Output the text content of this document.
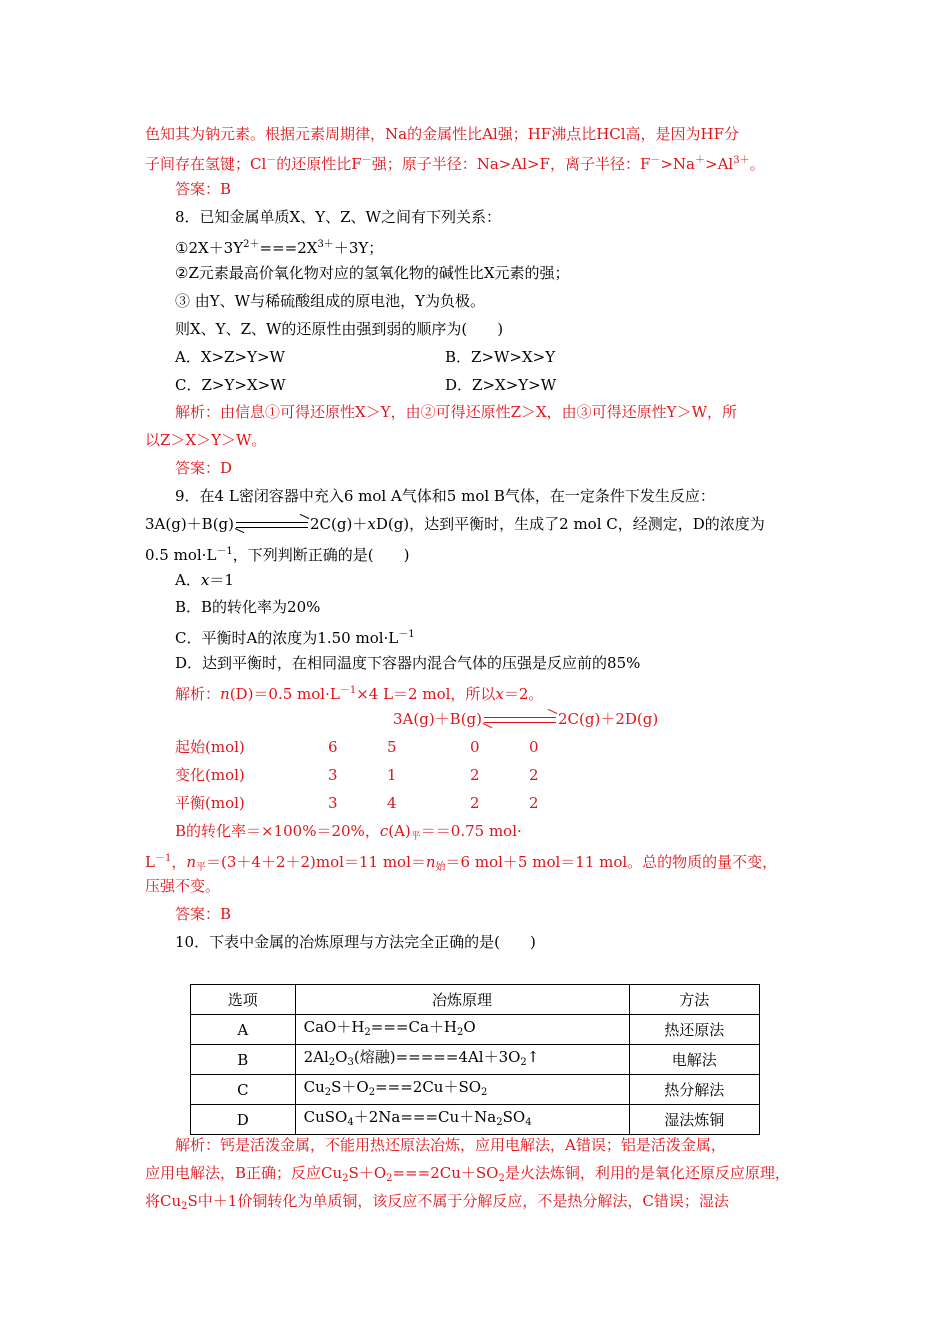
色知其为钠元素。根据元素周期律，Na的金属性比Al强；HF沸点比HCl高，是因为HF分
子间存在氢键；Cl－的还原性比F－强；原子半径：Na>Al>F，离子半径：$F^->Na^+>Al^{3+}$。
答案：B
8．已知金属单质X、Y、Z、W之间有下列关系：
$①2X+3Y^{2+}===2X^{3+}+3Y$；
②Z元素最高价氧化物对应的氢氧化物的碱性比X元素的强；
③ 由Y、W与稀硫酸组成的原电池，Y为负极。
则X、Y、Z、W的还原性由强到弱的顺序为(　　)
A．X>Z>Y>W	B．Z>W>X>Y
C．Z>Y>X>W	D．Z>X>Y>W
解析：由信息①可得还原性X＞Y，由②可得还原性Z＞X，由③可得还原性Y＞W，所
以Z＞X＞Y＞W。
答案：D
9．在4 L密闭容器中充入6 mol A气体和5 mol B气体，在一定条件下发生反应：
3A(g)＋B(g)	2C(g)＋xD(g)，达到平衡时，生成了2 mol C，经测定，D的浓度为
0.5 $mol\cdot L^{-1}$，下列判断正确的是(　　)
A．x＝1
B．B的转化率为20%
C．平衡时A的浓度为1.50 $mol\cdot L^{-1}$
D．达到平衡时，在相同温度下容器内混合气体的压强是反应前的85%
解析：n(D)＝0.5 $mol\cdot L^{-1}\times 4$ L＝2 mol，所以x＝2。
3A(g)＋B(g)	2C(g)＋2D(g)
起始(mol)	6	5	0	0
变化(mol)	3	1	2	2
平衡(mol)	3	4	2	2
B的转化率＝×100%＝20%，$c(A)_平==0.75$ mol·
$L^{-1}$，$n_平=(3+4+2+2)mol=11$ $mol=n_始=6$ mol＋5 mol＝11 mol。总的物质的量不变，
压强不变。
答案：B
10．下表中金属的冶炼原理与方法完全正确的是(　　)
选项	冶炼原理	方法
A	$CaO+H_2===Ca+H_2O$	热还原法
B	$2Al_2O_3$(熔融)$=====4Al+3O_2↑$	电解法
C	$Cu_2S+O_2===2Cu+SO_2$	热分解法
D	$CuSO_4+2Na===Cu+Na_2SO_4$	湿法炼铜
解析：钙是活泼金属，不能用热还原法冶炼，应用电解法，A错误；铝是活泼金属，
应用电解法，B正确；反应$Cu_2S+O_2===2Cu+SO_2$是火法炼铜，利用的是氧化还原反应原理，
将$Cu_2S$中＋1价铜转化为单质铜，该反应不属于分解反应，不是热分解法，C错误；湿法
